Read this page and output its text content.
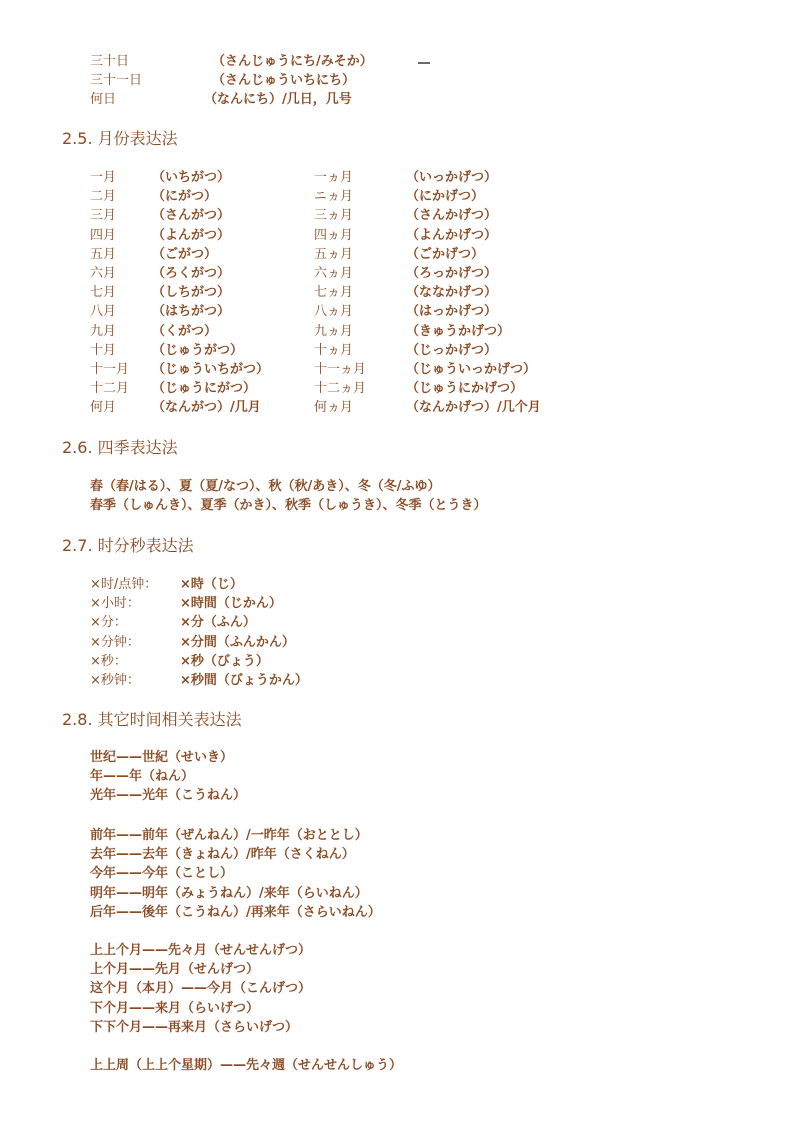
三十日	（さんじゅうにち/みそか）
三十一日	（さんじゅういちにち）
何日	（なんにち）/几日，几号
2.5. 月份表达法
一月	（いちがつ）	一ヵ月	（いっかげつ）
二月	（にがつ）	ニヵ月	（にかげつ）
三月	（さんがつ）	三ヵ月	（さんかげつ）
四月	（よんがつ）	四ヵ月	（よんかげつ）
五月	（ごがつ）	五ヵ月	（ごかげつ）
六月	（ろくがつ）	六ヵ月	（ろっかげつ）
七月	（しちがつ）	七ヵ月	（ななかげつ）
八月	（はちがつ）	八ヵ月	（はっかげつ）
九月	（くがつ）	九ヵ月	（きゅうかげつ）
十月	（じゅうがつ）	十ヵ月	（じっかげつ）
十一月 （じゅういちがつ）	十一ヵ月	（じゅういっかげつ）
十二月 （じゅうにがつ）	十二ヵ月	（じゅうにかげつ）
何月	（なんがつ）/几月	何ヵ月	（なんかげつ）/几个月
2.6. 四季表达法
春（春/はる）、夏（夏/なつ）、秋（秋/あき）、冬（冬/ふゆ）
春季（しゅんき）、夏季（かき）、秋季（しゅうき）、冬季（とうき）
2.7. 时分秒表达法
×时/点钟： ×時（じ）
×小时：	×時間（じかん）
×分：	×分（ふん）
×分钟：	×分間（ふんかん）
×秒：	×秒（びょう）
×秒钟：	×秒間（びょうかん）
2.8. 其它时间相关表达法
世纪——世紀（せいき）
年——年（ねん）
光年——光年（こうねん）
前年——前年（ぜんねん）/一昨年（おととし）
去年——去年（きょねん）/昨年（さくねん）
今年——今年（ことし）
明年——明年（みょうねん）/来年（らいねん）
后年——後年（こうねん）/再来年（さらいねん）
上上个月——先々月（せんせんげつ）
上个月——先月（せんげつ）
这个月（本月）——今月（こんげつ）
下个月——来月（らいげつ）
下下个月——再来月（さらいげつ）
上上周（上上个星期）——先々週（せんせんしゅう）
